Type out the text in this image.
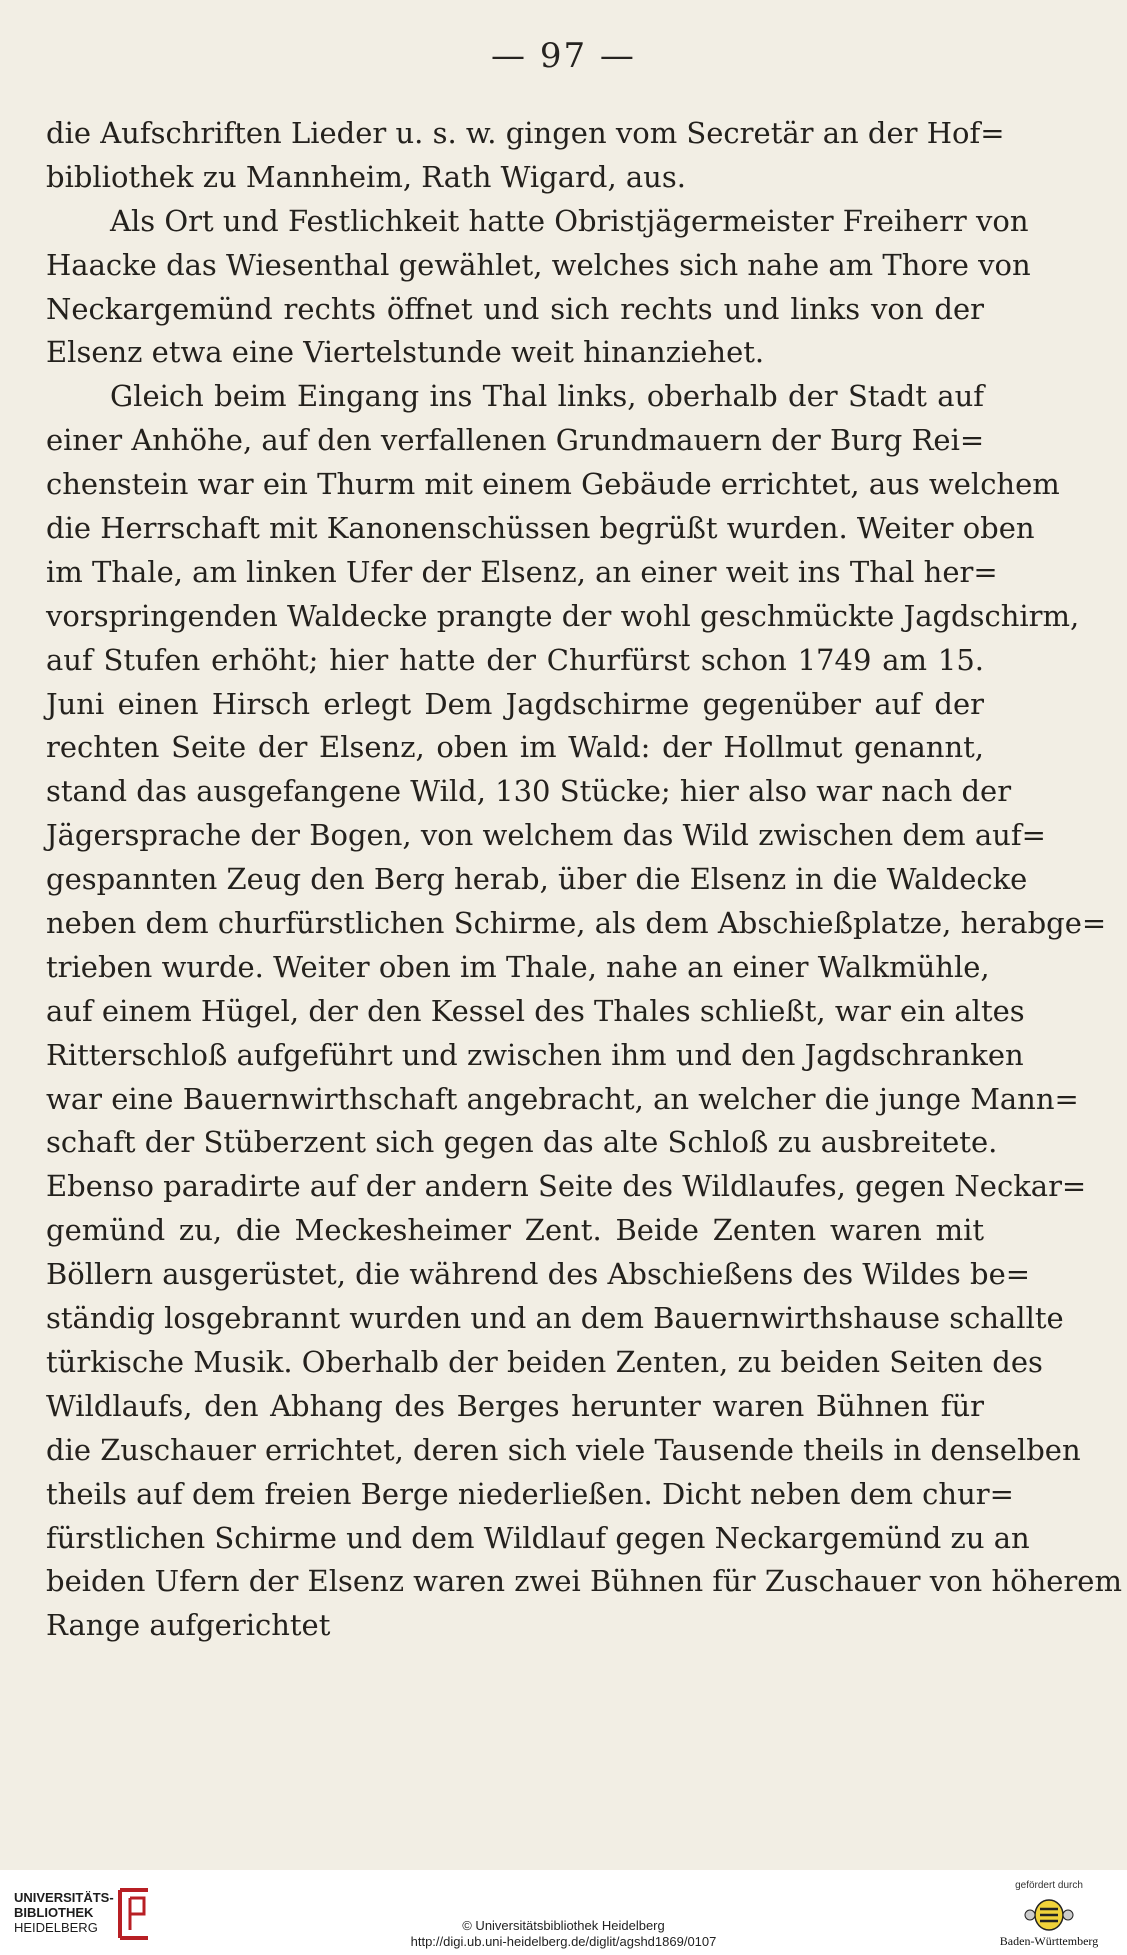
— 97 —
die Aufschriften Lieder u. s. w. gingen vom Secretär an der Hof=
bibliothek zu Mannheim, Rath Wigard, aus.
Als Ort und Festlichkeit hatte Obristjägermeister Freiherr von
Haacke das Wiesenthal gewählet, welches sich nahe am Thore von
Neckargemünd rechts öffnet und sich rechts und links von der
Elsenz etwa eine Viertelstunde weit hinanziehet.
Gleich beim Eingang ins Thal links, oberhalb der Stadt auf
einer Anhöhe, auf den verfallenen Grundmauern der Burg Rei=
chenstein war ein Thurm mit einem Gebäude errichtet, aus welchem
die Herrschaft mit Kanonenschüssen begrüßt wurden. Weiter oben
im Thale, am linken Ufer der Elsenz, an einer weit ins Thal her=
vorspringenden Waldecke prangte der wohl geschmückte Jagdschirm,
auf Stufen erhöht; hier hatte der Churfürst schon 1749 am 15.
Juni einen Hirsch erlegt Dem Jagdschirme gegenüber auf der
rechten Seite der Elsenz, oben im Wald: der Hollmut genannt,
stand das ausgefangene Wild, 130 Stücke; hier also war nach der
Jägersprache der Bogen, von welchem das Wild zwischen dem auf=
gespannten Zeug den Berg herab, über die Elsenz in die Waldecke
neben dem churfürstlichen Schirme, als dem Abschießplatze, herabge=
trieben wurde. Weiter oben im Thale, nahe an einer Walkmühle,
auf einem Hügel, der den Kessel des Thales schließt, war ein altes
Ritterschloß aufgeführt und zwischen ihm und den Jagdschranken
war eine Bauernwirthschaft angebracht, an welcher die junge Mann=
schaft der Stüberzent sich gegen das alte Schloß zu ausbreitete.
Ebenso paradirte auf der andern Seite des Wildlaufes, gegen Neckar=
gemünd zu, die Meckesheimer Zent. Beide Zenten waren mit
Böllern ausgerüstet, die während des Abschießens des Wildes be=
ständig losgebrannt wurden und an dem Bauernwirthshause schallte
türkische Musik. Oberhalb der beiden Zenten, zu beiden Seiten des
Wildlaufs, den Abhang des Berges herunter waren Bühnen für
die Zuschauer errichtet, deren sich viele Tausende theils in denselben
theils auf dem freien Berge niederließen. Dicht neben dem chur=
fürstlichen Schirme und dem Wildlauf gegen Neckargemünd zu an
beiden Ufern der Elsenz waren zwei Bühnen für Zuschauer von höherem
Range aufgerichtet
UNIVERSITÄTS-
BIBLIOTHEK
HEIDELBERG	© Universitätsbibliothek Heidelberg
http://digi.ub.uni-heidelberg.de/diglit/agshd1869/0107
gefördert durch
Baden-Württemberg
